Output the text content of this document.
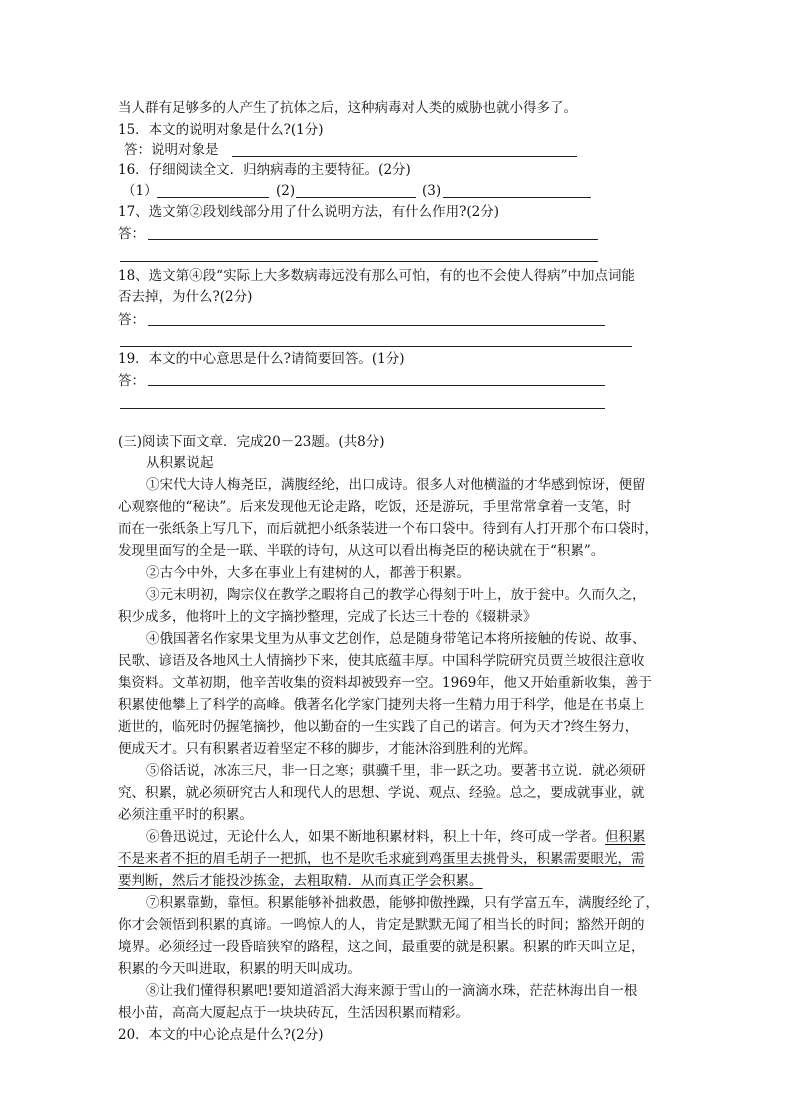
当人群有足够多的人产生了抗体之后，这种病毒对人类的威胁也就小得多了。
15．本文的说明对象是什么?(1分)
答：说明对象是
16．仔细阅读全文．归纳病毒的主要特征。(2分)
（1）	(2)	(3)
17、选文第②段划线部分用了什么说明方法，有什么作用?(2分)
答：
18、选文第④段“实际上大多数病毒远没有那么可怕，有的也不会使人得病”中加点词能
否去掉，为什么?(2分)
答：
19．本文的中心意思是什么?请简要回答。(1分)
答：
(三)阅读下面文章．完成20－23题。(共8分)
从积累说起
①宋代大诗人梅尧臣，满腹经纶，出口成诗。很多人对他横溢的才华感到惊讶，便留
心观察他的“秘诀”。后来发现他无论走路，吃饭，还是游玩，手里常常拿着一支笔，时
而在一张纸条上写几下，而后就把小纸条装进一个布口袋中。待到有人打开那个布口袋时，
发现里面写的全是一联、半联的诗句，从这可以看出梅尧臣的秘诀就在于“积累”。
②古今中外，大多在事业上有建树的人，都善于积累。
③元末明初，陶宗仪在教学之暇将自己的教学心得刻于叶上，放于瓮中。久而久之，
积少成多，他将叶上的文字摘抄整理，完成了长达三十卷的《辍耕录》
④俄国著名作家果戈里为从事文艺创作，总是随身带笔记本将所接触的传说、故事、
民歌、谚语及各地风土人情摘抄下来，使其底蕴丰厚。中国科学院研究员贾兰坡很注意收
集资料。文革初期，他辛苦收集的资料却被毁弃一空。1969年，他又开始重新收集，善于
积累使他攀上了科学的高峰。俄著名化学家门捷列夫将一生精力用于科学，他是在书桌上
逝世的，临死时仍握笔摘抄，他以勤奋的一生实践了自己的诺言。何为天才?终生努力，
便成天才。只有积累者迈着坚定不移的脚步，才能沐浴到胜利的光辉。
⑤俗话说，冰冻三尺，非一日之寒；骐骥千里，非一跃之功。要著书立说．就必须研
究、积累，就必须研究古人和现代人的思想、学说、观点、经验。总之，要成就事业，就
必须注重平时的积累。
⑥鲁迅说过，无论什么人，如果不断地积累材料，积上十年，终可成一学者。但积累
不是来者不拒的眉毛胡子一把抓，也不是吹毛求疵到鸡蛋里去挑骨头，积累需要眼光，需
要判断，然后才能投沙拣金，去粗取精．从而真正学会积累。
⑦积累靠勤，靠恒。积累能够补拙救愚，能够抑傲挫躁，只有学富五车，满腹经纶了，
你才会领悟到积累的真谛。一鸣惊人的人，肯定是默默无闻了相当长的时间；豁然开朗的
境界。必须经过一段昏暗狭窄的路程，这之间，最重要的就是积累。积累的昨天叫立足，
积累的今天叫进取，积累的明天叫成功。
⑧让我们懂得积累吧!要知道滔滔大海来源于雪山的一滴滴水珠，茫茫林海出自一根
根小苗，高高大厦起点于一块块砖瓦，生活因积累而精彩。
20．本文的中心论点是什么?(2分)
